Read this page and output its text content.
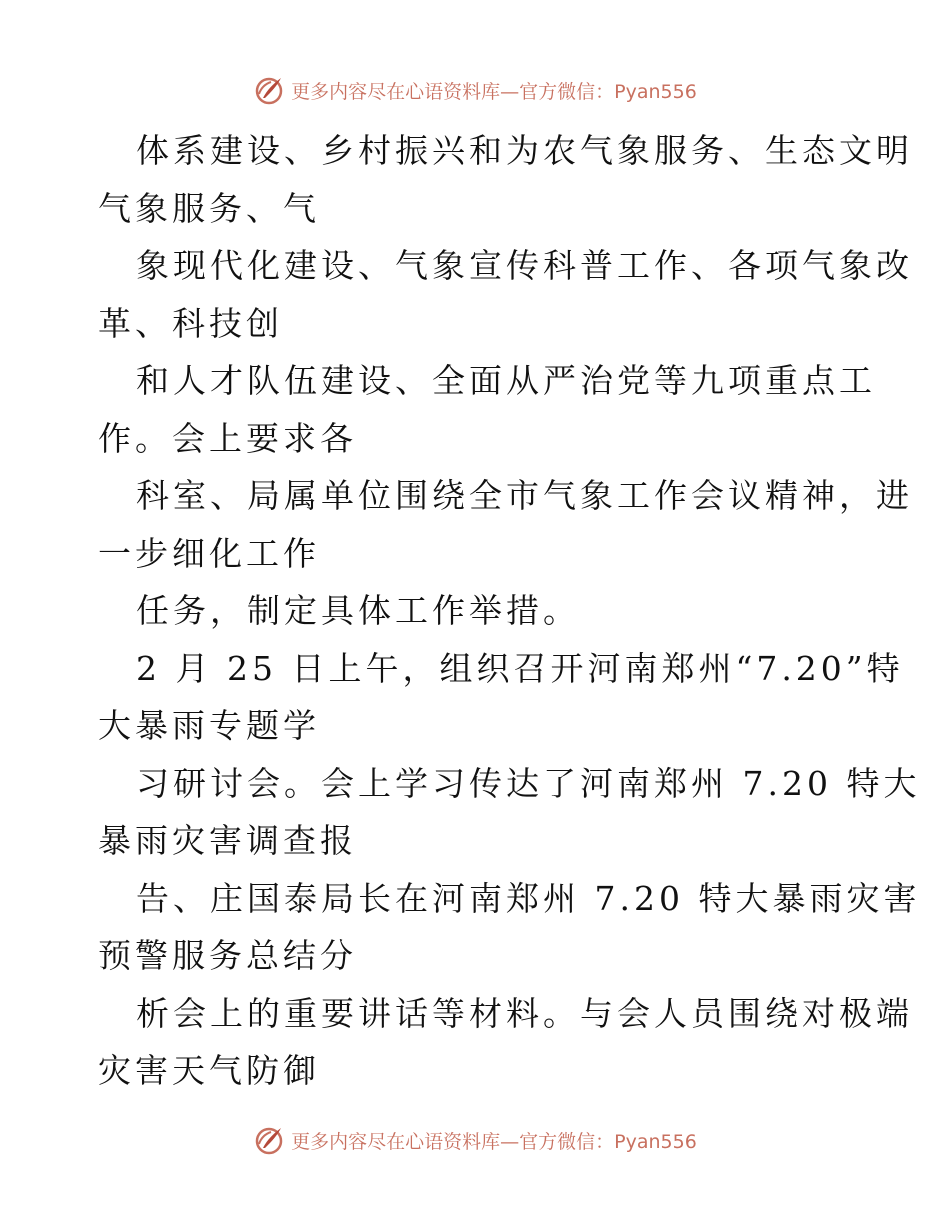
更多内容尽在心语资料库— 官方微信：Pyan556
体系建设、乡村振兴和为农气象服务、生态文明
气象服务、气
象现代化建设、气象宣传科普工作、各项气象改
革、科技创
和人才队伍建设、全面从严治党等九项重点工
作。会上要求各
科室、局属单位围绕全市气象工作会议精神，进
一步细化工作
任务，制定具体工作举措。
2 月 25 日上午，组织召开河南郑州“7.20”特
大暴雨专题学
习研讨会。会上学习传达了河南郑州 7.20 特大
暴雨灾害调查报
告、庄国泰局长在河南郑州 7.20 特大暴雨灾害
预警服务总结分
析会上的重要讲话等材料。与会人员围绕对极端
灾害天气防御
更多内容尽在心语资料库— 官方微信：Pyan556
